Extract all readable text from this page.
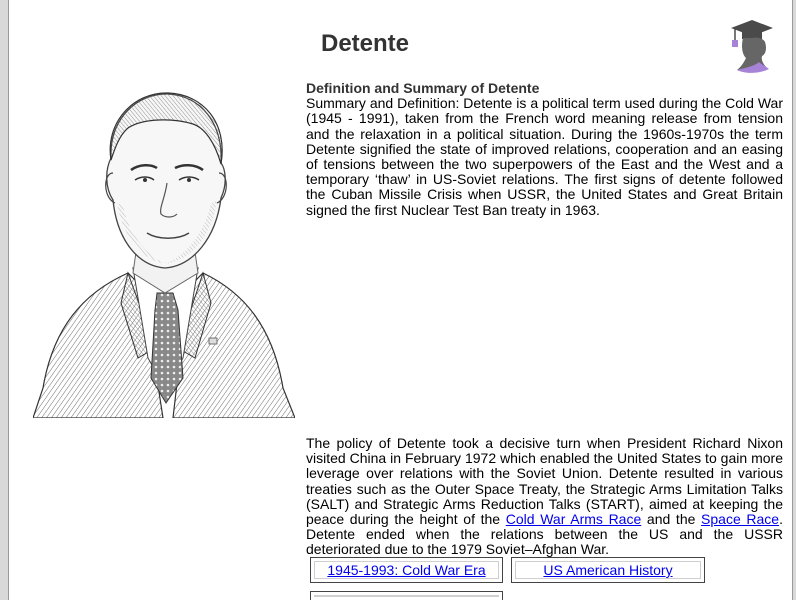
Detente
Definition and Summary of Detente
Summary and Definition: Detente is a political term used during the Cold War (1945 - 1991), taken from the French word meaning release from tension and the relaxation in a political situation. During the 1960s-1970s the term Detente signified the state of improved relations, cooperation and an easing of tensions between the two superpowers of the East and the West and a temporary ‘thaw’ in US-Soviet relations. The first signs of detente followed the Cuban Missile Crisis when USSR, the United States and Great Britain signed the first Nuclear Test Ban treaty in 1963.
The policy of Detente took a decisive turn when President Richard Nixon visited China in February 1972 which enabled the United States to gain more leverage over relations with the Soviet Union. Detente resulted in various treaties such as the Outer Space Treaty, the Strategic Arms Limitation Talks (SALT) and Strategic Arms Reduction Talks (START), aimed at keeping the peace during the height of the Cold War Arms Race and the Space Race. Detente ended when the relations between the US and the USSR deteriorated due to the 1979 Soviet–Afghan War.
1945-1993: Cold War Era	US American History
